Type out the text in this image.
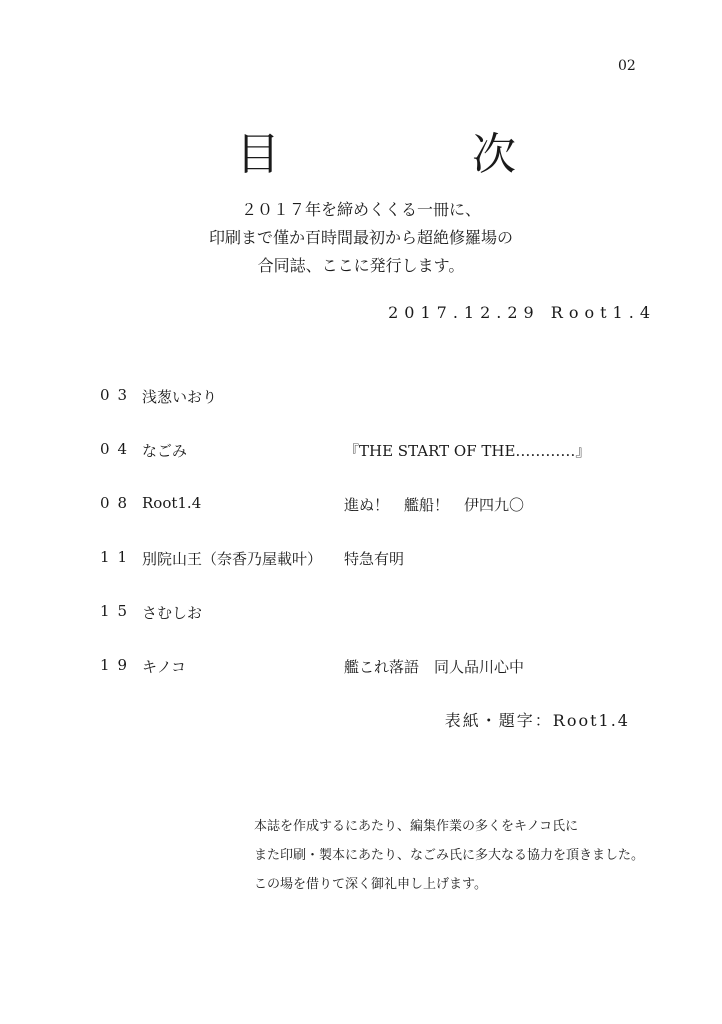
02
目	次
２０１７年を締めくくる一冊に、
印刷まで僅か百時間最初から超絶修羅場の
合同誌、ここに発行します。
2017.12.29 Root1.4
03 浅葱いおり
04 なごみ	『THE START OF THE…………』
08 Root1.4	進ぬ！　艦船！　伊四九〇
11 別院山王（奈香乃屋載叶） 特急有明
15 さむしお
19 キノコ	艦これ落語　同人品川心中
表紙・題字：Root1.4
本誌を作成するにあたり、編集作業の多くをキノコ氏に
また印刷・製本にあたり、なごみ氏に多大なる協力を頂きました。
この場を借りて深く御礼申し上げます。
